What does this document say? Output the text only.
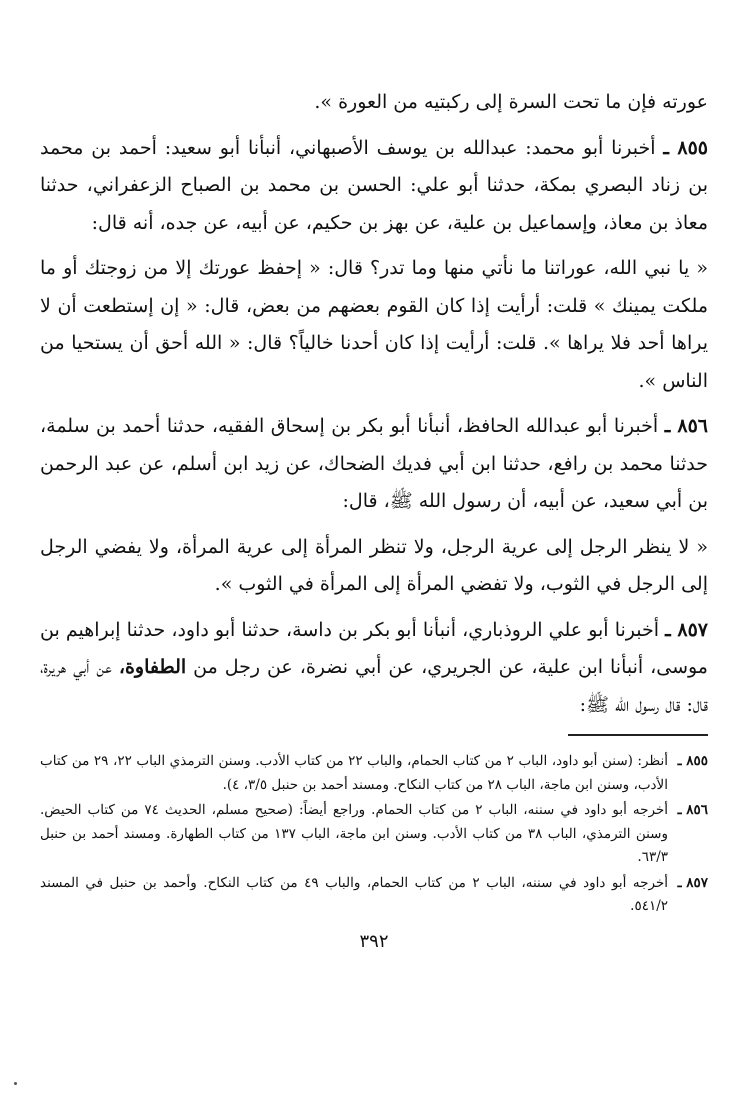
عورته فإن ما تحت السرة إلى ركبتيه من العورة ».

٨٥٥ ـ أخبرنا أبو محمد: عبدالله بن يوسف الأصبهاني، أنبأنا أبو سعيد: أحمد بن محمد بن زناد البصري بمكة، حدثنا أبو علي: الحسن بن محمد بن الصباح الزعفراني، حدثنا معاذ بن معاذ، وإسماعيل بن علية، عن بهز بن حكيم، عن أبيه، عن جده، أنه قال:

« يا نبي الله، عوراتنا ما نأتي منها وما تدر؟ قال: « إحفظ عورتك إلا من زوجتك أو ما ملكت يمينك » قلت: أرأيت إذا كان القوم بعضهم من بعض، قال: « إن إستطعت أن لا يراها أحد فلا يراها ». قلت: أرأيت إذا كان أحدنا خالياً؟ قال: « الله أحق أن يستحيا من الناس ».

٨٥٦ ـ أخبرنا أبو عبدالله الحافظ، أنبأنا أبو بكر بن إسحاق الفقيه، حدثنا أحمد بن سلمة، حدثنا محمد بن رافع، حدثنا ابن أبي فديك الضحاك، عن زيد ابن أسلم، عن عبد الرحمن بن أبي سعيد، عن أبيه، أن رسول الله ﷺ، قال:

« لا ينظر الرجل إلى عرية الرجل، ولا تنظر المرأة إلى عرية المرأة، ولا يفضي الرجل إلى الرجل في الثوب، ولا تفضي المرأة إلى المرأة في الثوب ».

٨٥٧ ـ أخبرنا أبو علي الروذباري، أنبأنا أبو بكر بن داسة، حدثنا أبو داود، حدثنا إبراهيم بن موسى، أنبأنا ابن علية، عن الجريري، عن أبي نضرة، عن رجل من الطفاوة، عن أبي هريرة، قال: قال رسول الله ﷺ:

٨٥٥ ـ
أنظر: (سنن أبو داود، الباب ٢ من كتاب الحمام، والباب ٢٢ من كتاب الأدب. وسنن الترمذي الباب ٢٢، ٢٩ من كتاب الأدب، وسنن ابن ماجة، الباب ٢٨ من كتاب النكاح. ومسند أحمد بن حنبل ٣/٥، ٤).
٨٥٦ ـ
أخرجه أبو داود في سننه، الباب ٢ من كتاب الحمام. وراجع أيضاً: (صحيح مسلم، الحديث ٧٤ من كتاب الحيض. وسنن الترمذي، الباب ٣٨ من كتاب الأدب. وسنن ابن ماجة، الباب ١٣٧ من كتاب الطهارة. ومسند أحمد بن حنبل ٦٣/٣.
٨٥٧ ـ
أخرجه أبو داود في سننه، الباب ٢ من كتاب الحمام، والباب ٤٩ من كتاب النكاح. وأحمد بن حنبل في المسند ٥٤١/٢.
٣٩٢
